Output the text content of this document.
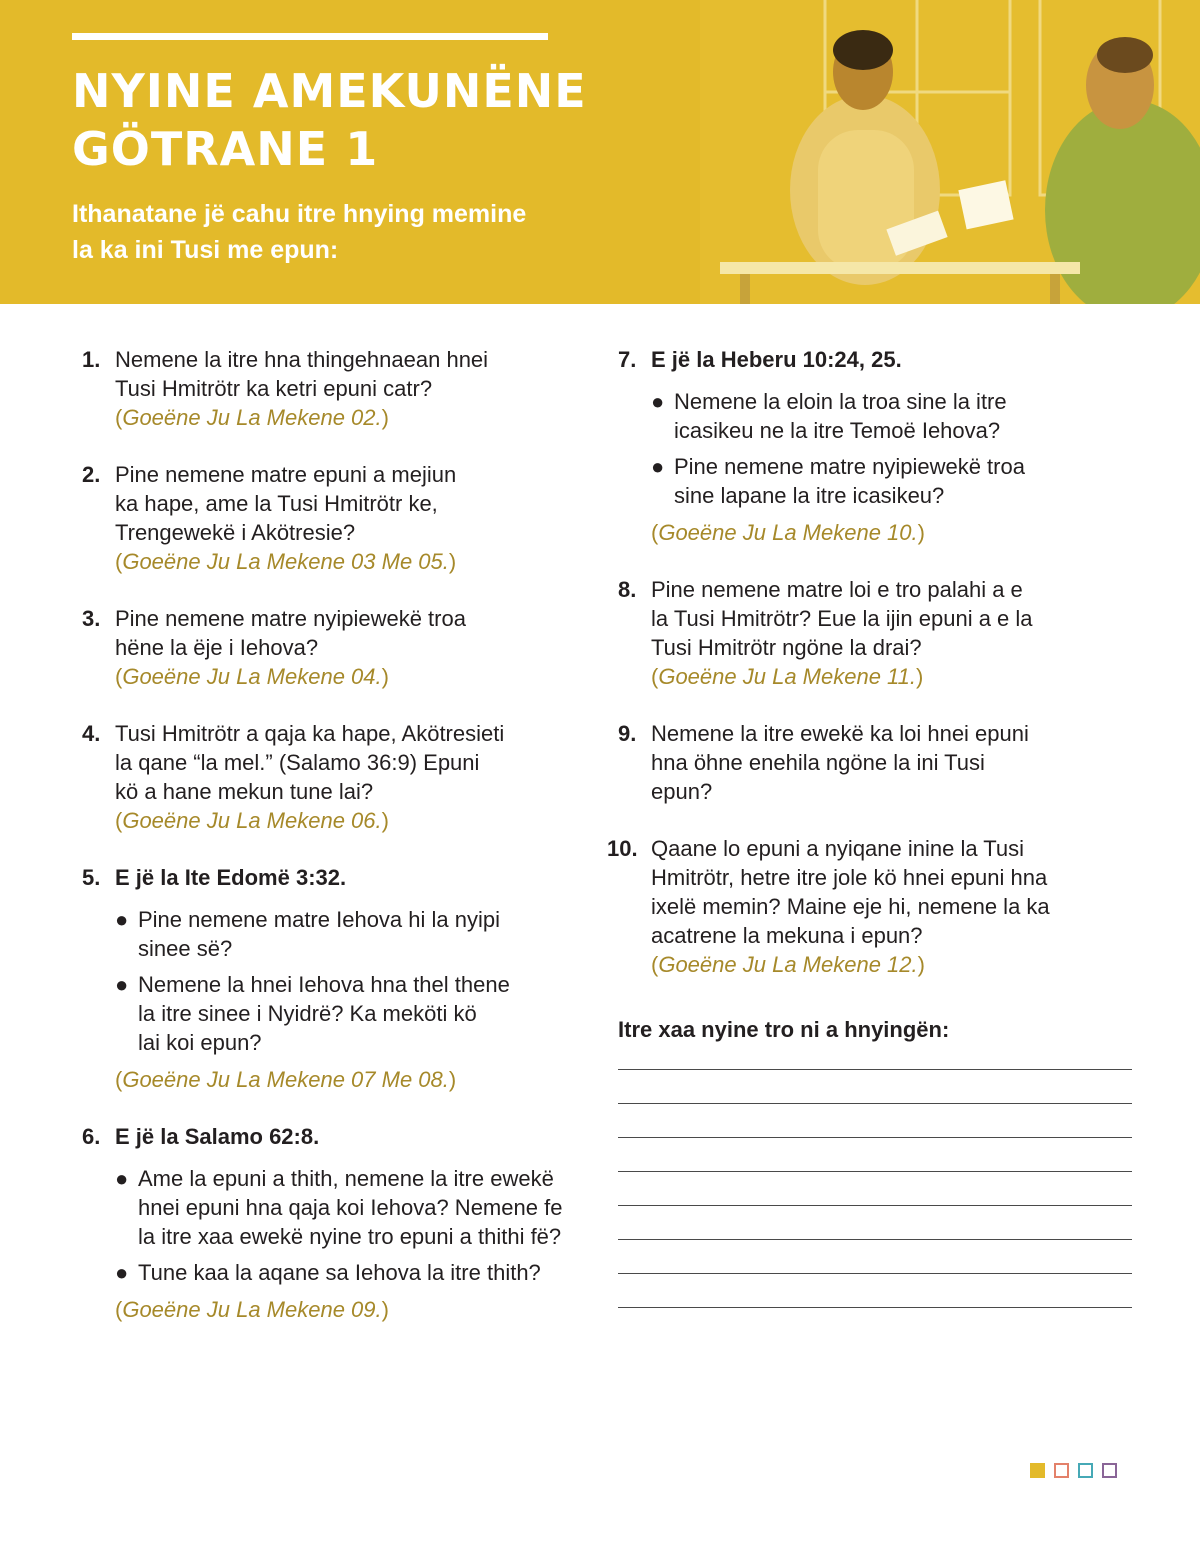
NYINE AMEKUNËNE
GÖTRANE 1

Ithanatane jë cahu itre hnying memine
la ka ini Tusi me epun:

1. Nemene la itre hna thingehnaean hnei
Tusi Hmitrötr ka ketri epuni catr?
(Goeëne Ju La Mekene 02.)
2. Pine nemene matre epuni a mejiun
ka hape, ame la Tusi Hmitrötr ke,
Trengewekë i Akötresie?
(Goeëne Ju La Mekene 03 Me 05.)
3. Pine nemene matre nyipiewekë troa
hëne la ëje i Iehova?
(Goeëne Ju La Mekene 04.)
4. Tusi Hmitrötr a qaja ka hape, Akötresieti
la qane “la mel.” (Salamo 36:9) Epuni
kö a hane mekun tune lai?
(Goeëne Ju La Mekene 06.)
5. E jë la Ite Edomë 3:32.
● Pine nemene matre Iehova hi la nyipi
sinee së?
● Nemene la hnei Iehova hna thel thene
la itre sinee i Nyidrë? Ka meköti kö
lai koi epun?
(Goeëne Ju La Mekene 07 Me 08.)
6. E jë la Salamo 62:8.
● Ame la epuni a thith, nemene la itre ewekë
hnei epuni hna qaja koi Iehova? Nemene fe
la itre xaa ewekë nyine tro epuni a thithi fë?
● Tune kaa la aqane sa Iehova la itre thith?
(Goeëne Ju La Mekene 09.)
7. E jë la Heberu 10:24, 25.
● Nemene la eloin la troa sine la itre
icasikeu ne la itre Temoë Iehova?
● Pine nemene matre nyipiewekë troa
sine lapane la itre icasikeu?
(Goeëne Ju La Mekene 10.)
8. Pine nemene matre loi e tro palahi a e
la Tusi Hmitrötr? Eue la ijin epuni a e la
Tusi Hmitrötr ngöne la drai?
(Goeëne Ju La Mekene 11.)
9. Nemene la itre ewekë ka loi hnei epuni
hna öhne enehila ngöne la ini Tusi
epun?
10. Qaane lo epuni a nyiqane inine la Tusi
Hmitrötr, hetre itre jole kö hnei epuni hna
ixelë memin? Maine eje hi, nemene la ka
acatrene la mekuna i epun?
(Goeëne Ju La Mekene 12.)
Itre xaa nyine tro ni a hnyingën:
